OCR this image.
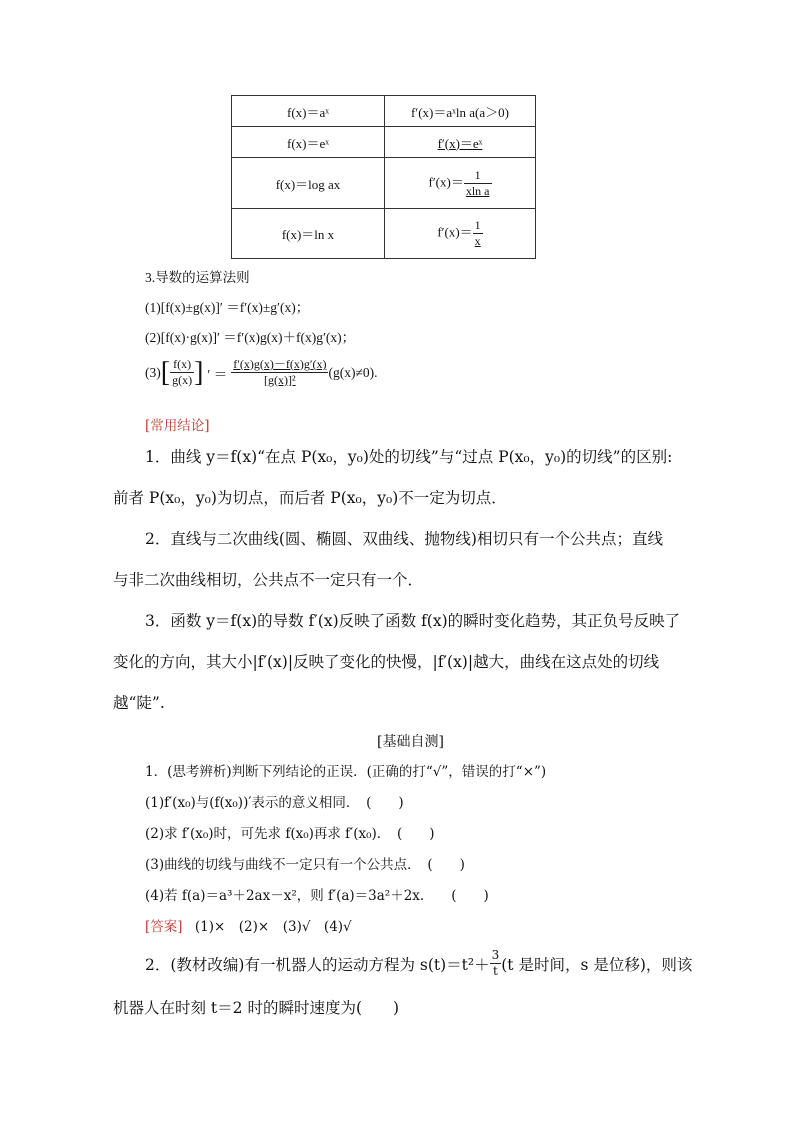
f(x)＝aˣ	f′(x)＝aˣln a(a＞0)
f(x)＝eˣ	f′(x)＝eˣ
f(x)＝log ax	$f'(x)= \frac{1}{\text{xln a}}$

f(x)＝ln x	$f'(x)= \frac{1}{x}$
3.导数的运算法则
(1)[f(x)±g(x)]′ ＝f′(x)±g′(x)；
(2)[f(x)·g(x)]′ ＝f′(x)g(x)＋f(x)g′(x)；
(3) [ $\frac{f(x)}{g(x)}$ ] ′ ＝ $\frac{f'(x)g(x)-f(x)g'(x)}{\text{[g(x)]²}} (g(x)\ne 0)$.
[常用结论]
1．曲线 y＝f(x)“在点 P(x₀，y₀)处的切线”与“过点 P(x₀，y₀)的切线”的区别:
前者 P(x₀，y₀)为切点，而后者 P(x₀，y₀)不一定为切点．
2．直线与二次曲线(圆、椭圆、双曲线、抛物线)相切只有一个公共点；直线
与非二次曲线相切，公共点不一定只有一个．
3．函数 y＝f(x)的导数 f′(x)反映了函数 f(x)的瞬时变化趋势，其正负号反映了
变化的方向，其大小|f′(x)|反映了变化的快慢，|f′(x)|越大，曲线在这点处的切线
越“陡”.
[基础自测]
1．(思考辨析)判断下列结论的正误．(正确的打“√”，错误的打“×”)
(1)f′(x₀)与(f(x₀))′表示的意义相同．　(　　)
(2)求 f′(x₀)时，可先求 f(x₀)再求 f′(x₀)．　(　　)
(3)曲线的切线与曲线不一定只有一个公共点．　(　　)
(4)若 f(a)＝a³＋2ax－x²，则 f′(a)＝3a²＋2x.　　(　　)
[答案] (1)×　(2)×　(3)√　(4)√
2．(教材改编)有一机器人的运动方程为 $s(t)=t^2+ \frac{3}{t} (t$ 是时间，s 是位移)，则该
机器人在时刻 t＝2 时的瞬时速度为(　　)
